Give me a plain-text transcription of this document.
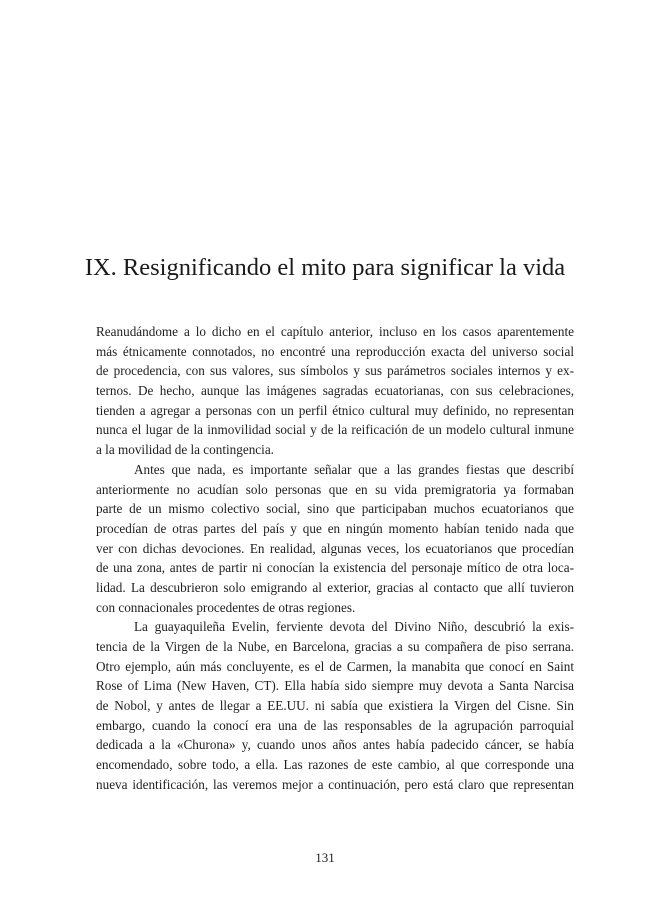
IX. Resignificando el mito para significar la vida

Reanudándome a lo dicho en el capítulo anterior, incluso en los casos aparentemente
más étnicamente connotados, no encontré una reproducción exacta del universo social
de procedencia, con sus valores, sus símbolos y sus parámetros sociales internos y ex-
ternos. De hecho, aunque las imágenes sagradas ecuatorianas, con sus celebraciones,
tienden a agregar a personas con un perfil étnico cultural muy definido, no representan
nunca el lugar de la inmovilidad social y de la reificación de un modelo cultural inmune
a la movilidad de la contingencia.

Antes que nada, es importante señalar que a las grandes fiestas que describí
anteriormente no acudían solo personas que en su vida premigratoria ya formaban
parte de un mismo colectivo social, sino que participaban muchos ecuatorianos que
procedían de otras partes del país y que en ningún momento habían tenido nada que
ver con dichas devociones. En realidad, algunas veces, los ecuatorianos que procedían
de una zona, antes de partir ni conocían la existencia del personaje mítico de otra loca-
lidad. La descubrieron solo emigrando al exterior, gracias al contacto que allí tuvieron
con connacionales procedentes de otras regiones.

La guayaquileña Evelin, ferviente devota del Divino Niño, descubrió la exis-
tencia de la Virgen de la Nube, en Barcelona, gracias a su compañera de piso serrana.
Otro ejemplo, aún más concluyente, es el de Carmen, la manabita que conocí en Saint
Rose of Lima (New Haven, CT). Ella había sido siempre muy devota a Santa Narcisa
de Nobol, y antes de llegar a EE.UU. ni sabía que existiera la Virgen del Cisne. Sin
embargo, cuando la conocí era una de las responsables de la agrupación parroquial
dedicada a la «Churona» y, cuando unos años antes había padecido cáncer, se había
encomendado, sobre todo, a ella. Las razones de este cambio, al que corresponde una
nueva identificación, las veremos mejor a continuación, pero está claro que representan

131
